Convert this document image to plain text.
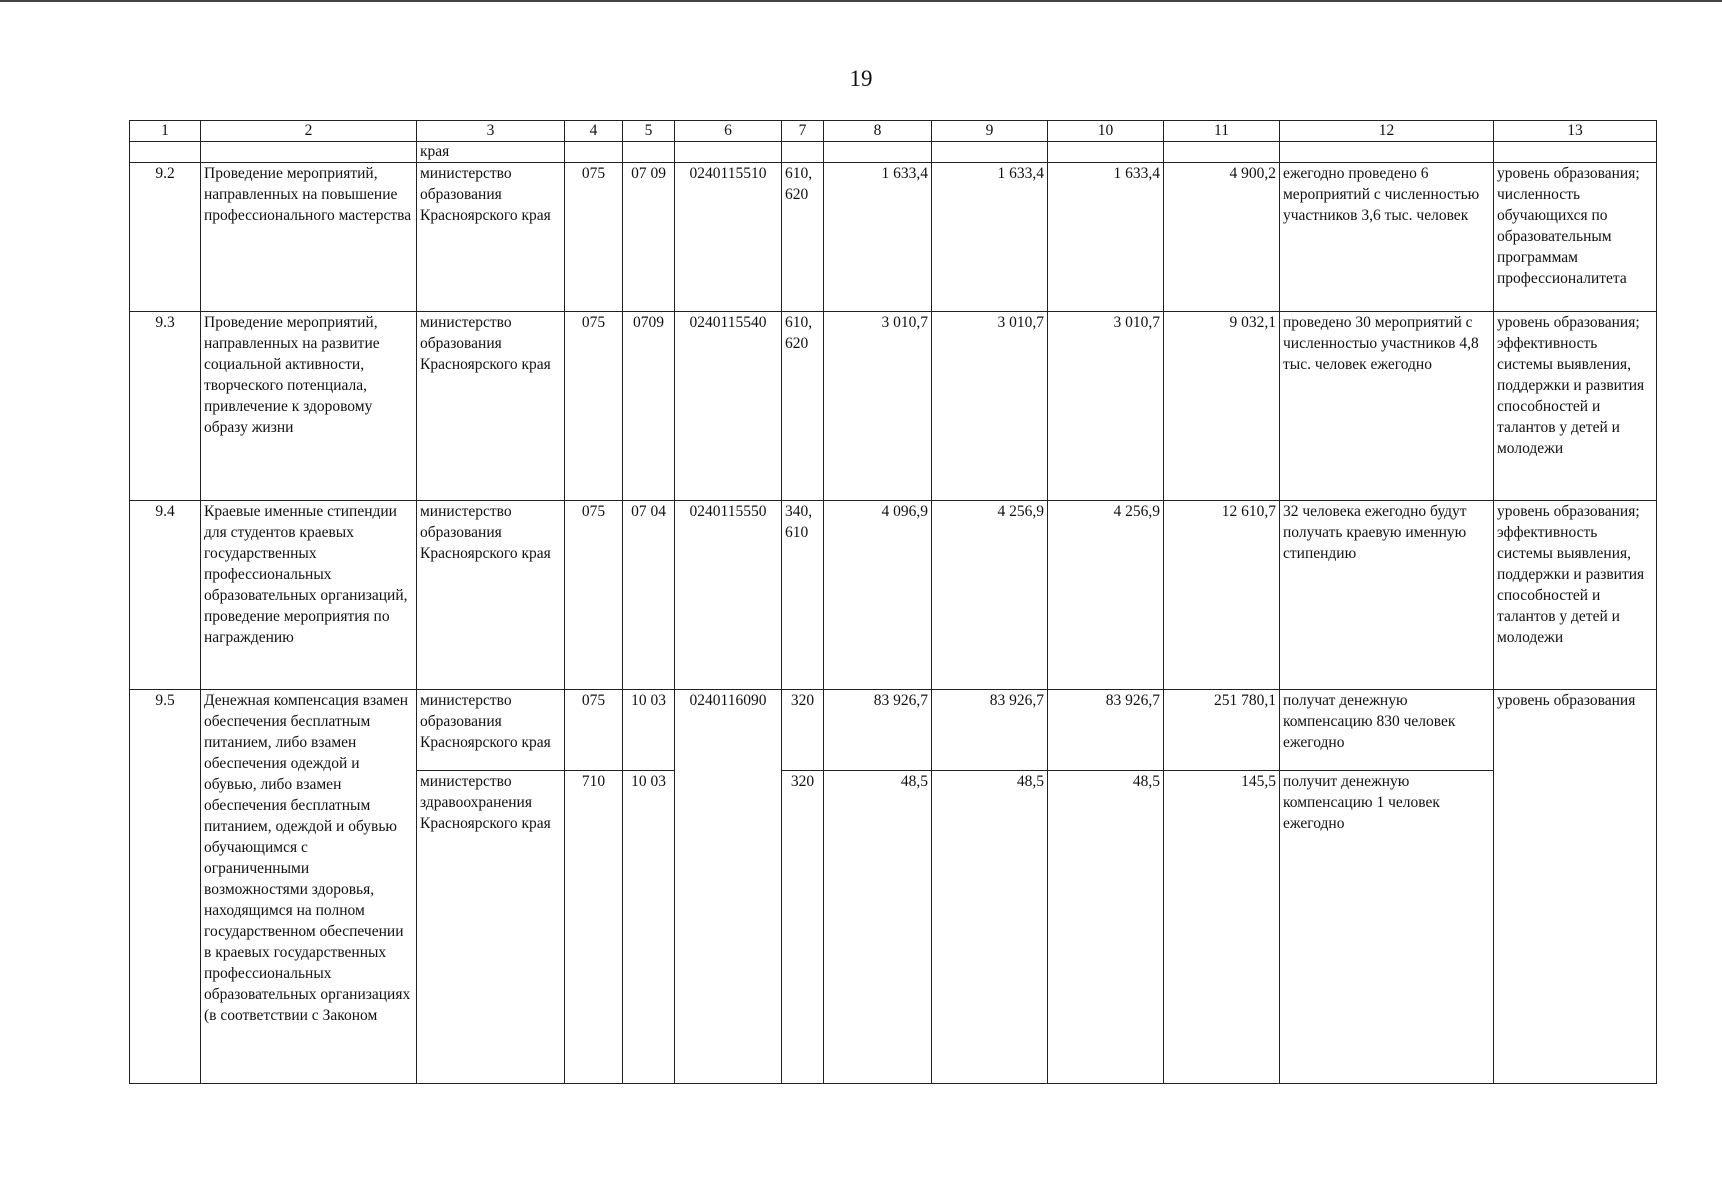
19
1	2	3	4	5	6	7	8	9	10	11	12	13
		края										
9.2	Проведение мероприятий, направленных на повышение профессионального мастерства	министерство образования Красноярского края	075	07 09	0240115510	610, 620	1 633,4	1 633,4	1 633,4	4 900,2	ежегодно проведено 6 мероприятий с численностью участников 3,6 тыс. человек	уровень образования; численность обучающихся по образовательным программам профессионалитета
9.3	Проведение мероприятий, направленных на развитие социальной активности, творческого потенциала, привлечение к здоровому образу жизни	министерство образования Красноярского края	075	0709	0240115540	610, 620	3 010,7	3 010,7	3 010,7	9 032,1	проведено 30 мероприятий с численностыо участников 4,8 тыс. человек ежегодно	уровень образования; эффективность системы выявления, поддержки и развития способностей и талантов у детей и молодежи
9.4	Краевые именные стипендии для студентов краевых государственных профессиональных образовательных организаций, проведение мероприятия по награждению	министерство образования Красноярского края	075	07 04	0240115550	340, 610	4 096,9	4 256,9	4 256,9	12 610,7	32 человека ежегодно будут получать краевую именную стипендию	уровень образования; эффективность системы выявления, поддержки и развития способностей и талантов у детей и молодежи
9.5	Денежная компенсация взамен обеспечения бесплатным питанием, либо взамен обеспечения одеждой и обувью, либо взамен обеспечения бесплатным питанием, одеждой и обувью обучающимся с ограниченными возможностями здоровья, находящимся на полном государственном обеспечении в краевых государственных профессиональных образовательных организациях (в соответствии с Законом	министерство образования Красноярского края	075	10 03	0240116090	320	83 926,7	83 926,7	83 926,7	251 780,1	получат денежную компенсацию 830 человек ежегодно	уровень образования
		министерство здравоохранения Красноярского края	710	10 03		320	48,5	48,5	48,5	145,5	получит денежную компенсацию 1 человек ежегодно	
